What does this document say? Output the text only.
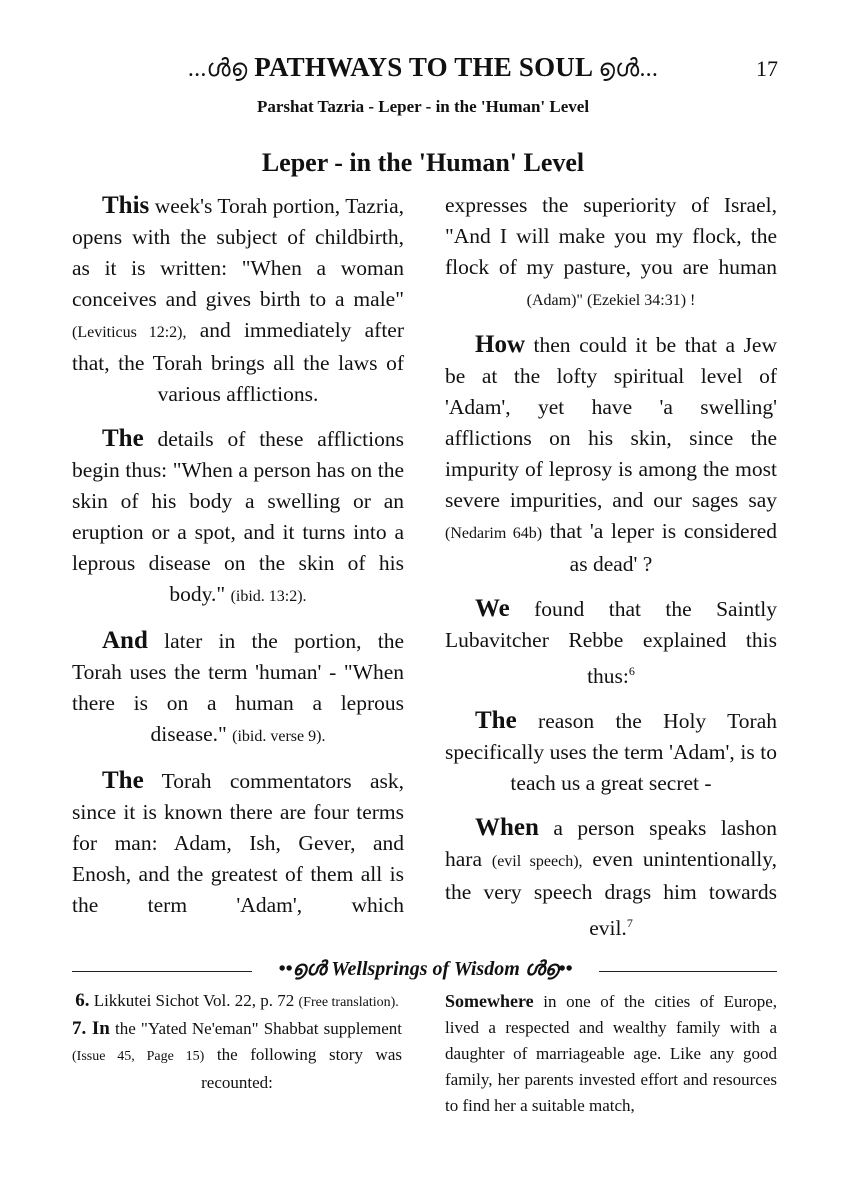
...ൾ൭ PATHWAYS TO THE SOUL ൭ൾ...	17
Parshat Tazria - Leper - in the 'Human' Level
Leper - in the 'Human' Level

This week's Torah portion, Tazria, opens with the subject of childbirth, as it is written: "When a woman conceives and gives birth to a male" (Leviticus 12:2), and immediately after that, the Torah brings all the laws of various afflictions.

The details of these afflictions begin thus: "When a person has on the skin of his body a swelling or an eruption or a spot, and it turns into a leprous disease on the skin of his body." (ibid. 13:2).

And later in the portion, the Torah uses the term 'human' - "When there is on a human a leprous disease." (ibid. verse 9).

The Torah commentators ask, since it is known there are four terms for man: Adam, Ish, Gever, and Enosh, and the greatest of them all is the term 'Adam', which

expresses the superiority of Israel, "And I will make you my flock, the flock of my pasture, you are human (Adam)" (Ezekiel 34:31) !

How then could it be that a Jew be at the lofty spiritual level of 'Adam', yet have 'a swelling' afflictions on his skin, since the impurity of leprosy is among the most severe impurities, and our sages say (Nedarim 64b) that 'a leper is considered as dead' ?

We found that the Saintly Lubavitcher Rebbe explained this thus:$^6$

The reason the Holy Torah specifically uses the term 'Adam', is to teach us a great secret -

When a person speaks lashon hara (evil speech), even unintentionally, the very speech drags him towards evil.$^7$

••൭ൾ Wellsprings of Wisdom ൾ൭••

6. Likkutei Sichot Vol. 22, p. 72 (Free translation).

7. In the "Yated Ne'eman" Shabbat supplement (Issue 45, Page 15) the following story was recounted:

Somewhere in one of the cities of Europe, lived a respected and wealthy family with a daughter of marriageable age. Like any good family, her parents invested effort and resources to find her a suitable match,
